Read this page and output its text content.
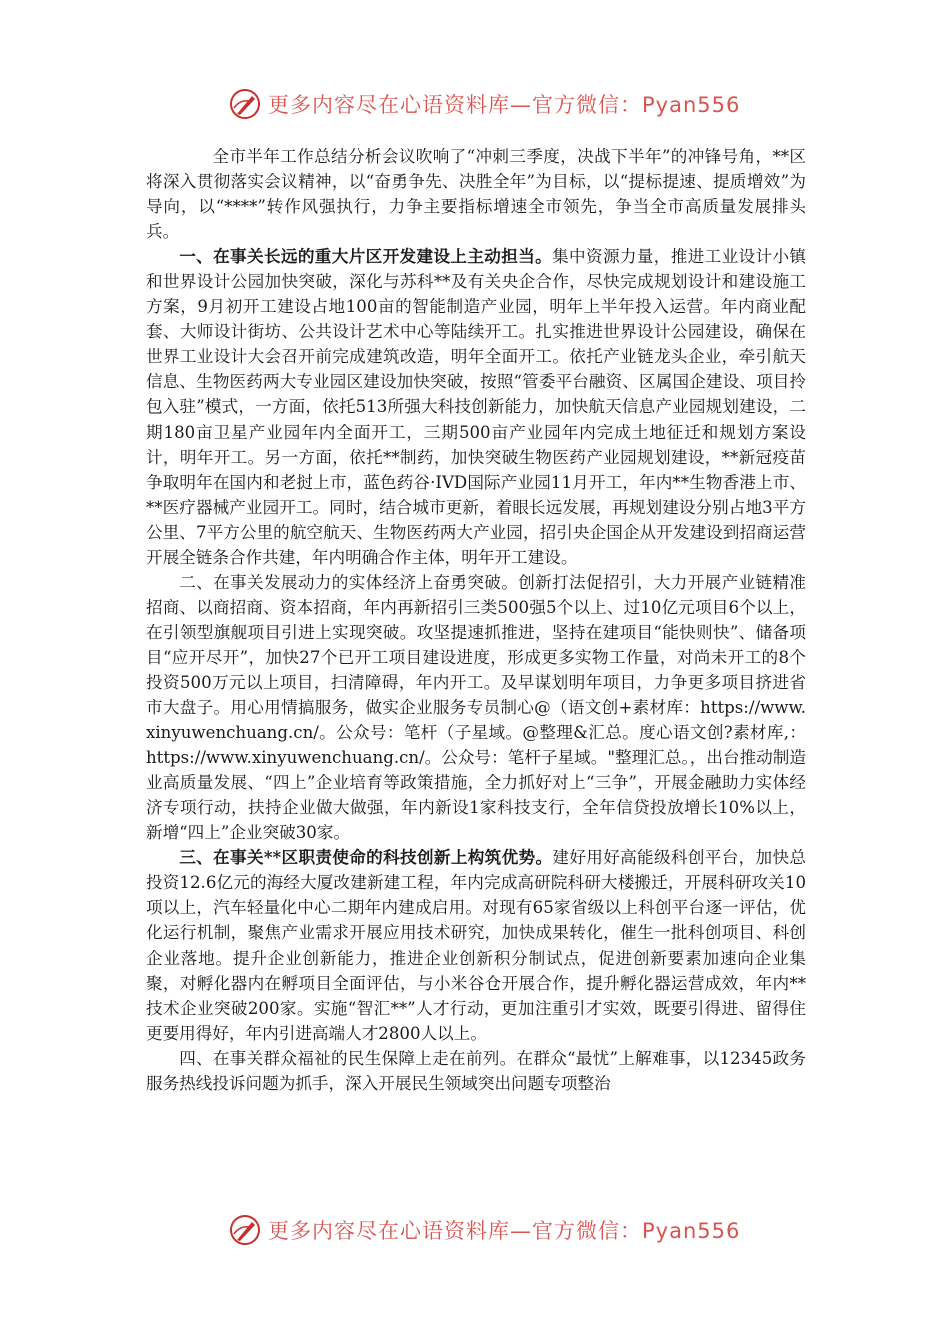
更多内容尽在心语资料库—官方微信：Pyan556

全市半年工作总结分析会议吹响了“冲刺三季度，决战下半年”的冲锋号角，**区将深入贯彻落实会议精神，以“奋勇争先、决胜全年”为目标，以“提标提速、提质增效”为导向，以“****”转作风强执行，力争主要指标增速全市领先，争当全市高质量发展排头兵。

一、在事关长远的重大片区开发建设上主动担当。集中资源力量，推进工业设计小镇和世界设计公园加快突破，深化与苏科**及有关央企合作，尽快完成规划设计和建设施工方案，9月初开工建设占地100亩的智能制造产业园，明年上半年投入运营。年内商业配套、大师设计街坊、公共设计艺术中心等陆续开工。扎实推进世界设计公园建设，确保在世界工业设计大会召开前完成建筑改造，明年全面开工。依托产业链龙头企业，牵引航天信息、生物医药两大专业园区建设加快突破，按照“管委平台融资、区属国企建设、项目拎包入驻”模式，一方面，依托513所强大科技创新能力，加快航天信息产业园规划建设，二期180亩卫星产业园年内全面开工，三期500亩产业园年内完成土地征迁和规划方案设计，明年开工。另一方面，依托**制药，加快突破生物医药产业园规划建设，**新冠疫苗争取明年在国内和老挝上市，蓝色药谷·IVD国际产业园11月开工，年内**生物香港上市、**医疗器械产业园开工。同时，结合城市更新，着眼长远发展，再规划建设分别占地3平方公里、7平方公里的航空航天、生物医药两大产业园，招引央企国企从开发建设到招商运营开展全链条合作共建，年内明确合作主体，明年开工建设。

二、在事关发展动力的实体经济上奋勇突破。创新打法促招引，大力开展产业链精准招商、以商招商、资本招商，年内再新招引三类500强5个以上、过10亿元项目6个以上，在引领型旗舰项目引进上实现突破。攻坚提速抓推进，坚持在建项目“能快则快”、储备项目“应开尽开”，加快27个已开工项目建设进度，形成更多实物工作量，对尚未开工的8个投资500万元以上项目，扫清障碍，年内开工。及早谋划明年项目，力争更多项目挤进省市大盘子。用心用情搞服务，做实企业服务专员制心@（语文创+素材库：https://www.xinyuwenchuang.cn/。公众号：笔杆（子星域。@整理&汇总。度心语文创?素材库,：https://www.xinyuwenchuang.cn/。公众号：笔杆子星域。"整理汇总。，出台推动制造业高质量发展、“四上”企业培育等政策措施，全力抓好对上“三争”，开展金融助力实体经济专项行动，扶持企业做大做强，年内新设1家科技支行，全年信贷投放增长10%以上，新增“四上”企业突破30家。

三、在事关**区职责使命的科技创新上构筑优势。建好用好高能级科创平台，加快总投资12.6亿元的海经大厦改建新建工程，年内完成高研院科研大楼搬迁，开展科研攻关10项以上，汽车轻量化中心二期年内建成启用。对现有65家省级以上科创平台逐一评估，优化运行机制，聚焦产业需求开展应用技术研究，加快成果转化，催生一批科创项目、科创企业落地。提升企业创新能力，推进企业创新积分制试点，促进创新要素加速向企业集聚，对孵化器内在孵项目全面评估，与小米谷仓开展合作，提升孵化器运营成效，年内**技术企业突破200家。实施“智汇**”人才行动，更加注重引才实效，既要引得进、留得住更要用得好，年内引进高端人才2800人以上。

四、在事关群众福祉的民生保障上走在前列。在群众“最忧”上解难事，以12345政务服务热线投诉问题为抓手，深入开展民生领域突出问题专项整治

更多内容尽在心语资料库—官方微信：Pyan556
